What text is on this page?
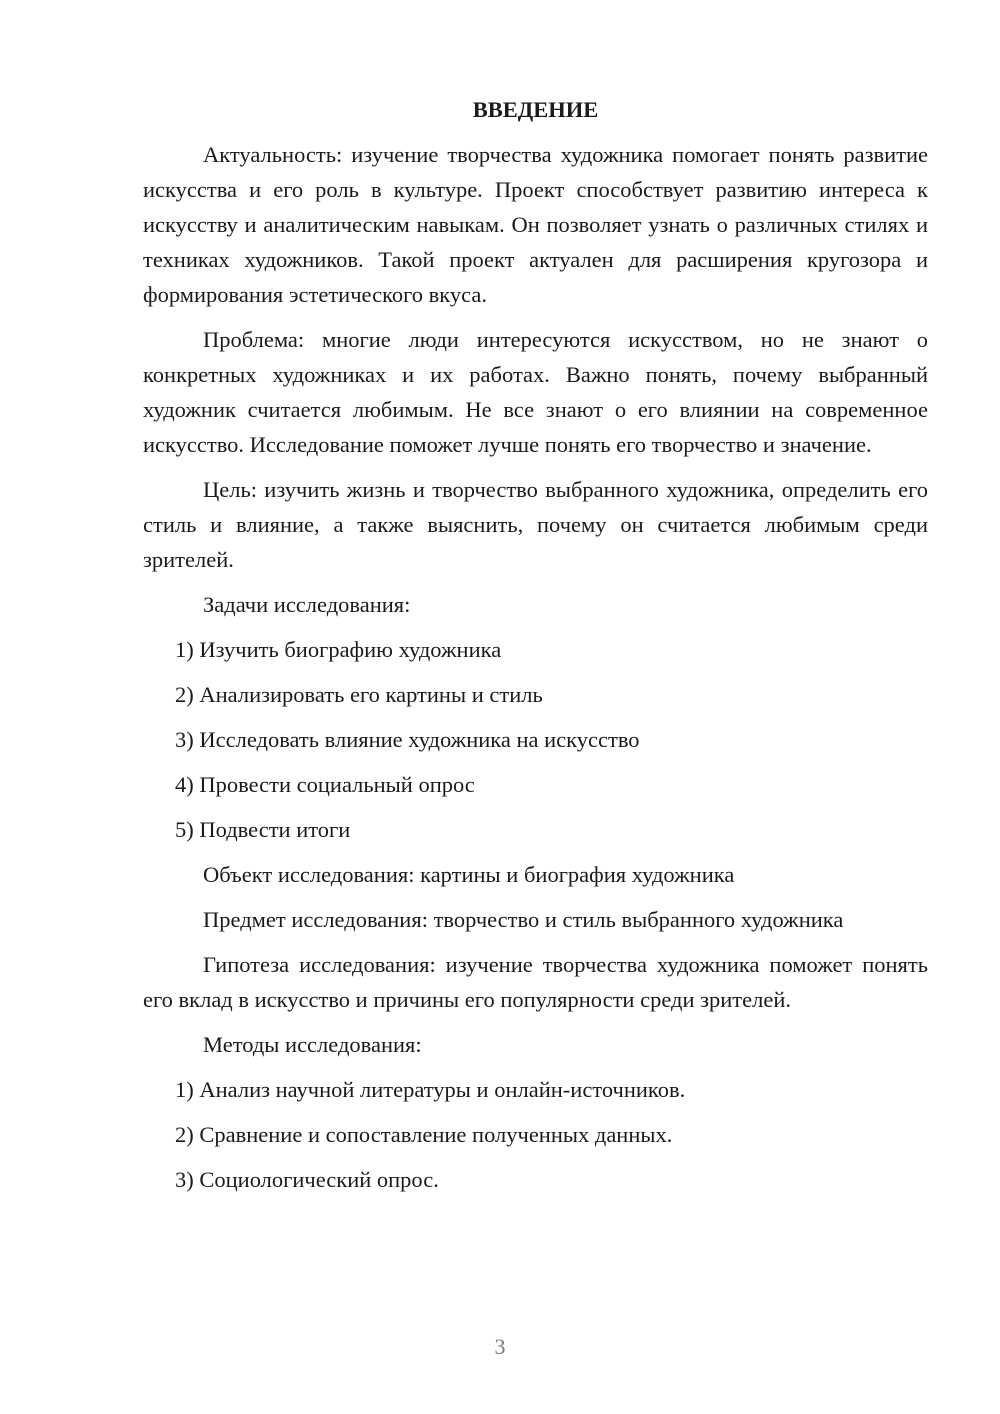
ВВЕДЕНИЕ

Актуальность: изучение творчества художника помогает понять развитие искусства и его роль в культуре. Проект способствует развитию интереса к искусству и аналитическим навыкам. Он позволяет узнать о различных стилях и техниках художников. Такой проект актуален для расширения кругозора и формирования эстетического вкуса.

Проблема: многие люди интересуются искусством, но не знают о конкретных художниках и их работах. Важно понять, почему выбранный художник считается любимым. Не все знают о его влиянии на современное искусство. Исследование поможет лучше понять его творчество и значение.

Цель: изучить жизнь и творчество выбранного художника, определить его стиль и влияние, а также выяснить, почему он считается любимым среди зрителей.

Задачи исследования:

1) Изучить биографию художника

2) Анализировать его картины и стиль

3) Исследовать влияние художника на искусство

4) Провести социальный опрос

5) Подвести итоги

Объект исследования: картины и биография художника

Предмет исследования: творчество и стиль выбранного художника

Гипотеза исследования: изучение творчества художника поможет понять его вклад в искусство и причины его популярности среди зрителей.

Методы исследования:

1) Анализ научной литературы и онлайн-источников.

2) Сравнение и сопоставление полученных данных.

3) Социологический опрос.

3
